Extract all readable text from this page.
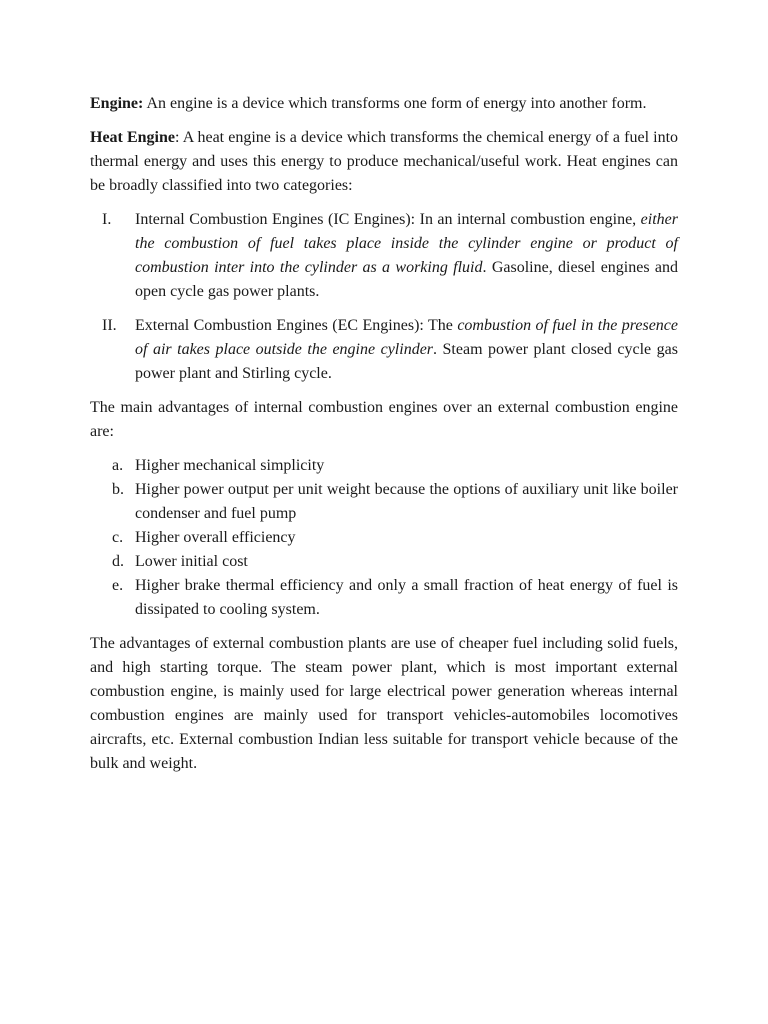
Engine: An engine is a device which transforms one form of energy into another form.

Heat Engine: A heat engine is a device which transforms the chemical energy of a fuel into thermal energy and uses this energy to produce mechanical/useful work. Heat engines can be broadly classified into two categories:

I. Internal Combustion Engines (IC Engines): In an internal combustion engine, either the combustion of fuel takes place inside the cylinder engine or product of combustion inter into the cylinder as a working fluid. Gasoline, diesel engines and open cycle gas power plants.
II. External Combustion Engines (EC Engines): The combustion of fuel in the presence of air takes place outside the engine cylinder. Steam power plant closed cycle gas power plant and Stirling cycle.

The main advantages of internal combustion engines over an external combustion engine are:

a. Higher mechanical simplicity
b. Higher power output per unit weight because the options of auxiliary unit like boiler condenser and fuel pump
c. Higher overall efficiency
d. Lower initial cost
e. Higher brake thermal efficiency and only a small fraction of heat energy of fuel is dissipated to cooling system.

The advantages of external combustion plants are use of cheaper fuel including solid fuels, and high starting torque. The steam power plant, which is most important external combustion engine, is mainly used for large electrical power generation whereas internal combustion engines are mainly used for transport vehicles-automobiles locomotives aircrafts, etc. External combustion Indian less suitable for transport vehicle because of the bulk and weight.
